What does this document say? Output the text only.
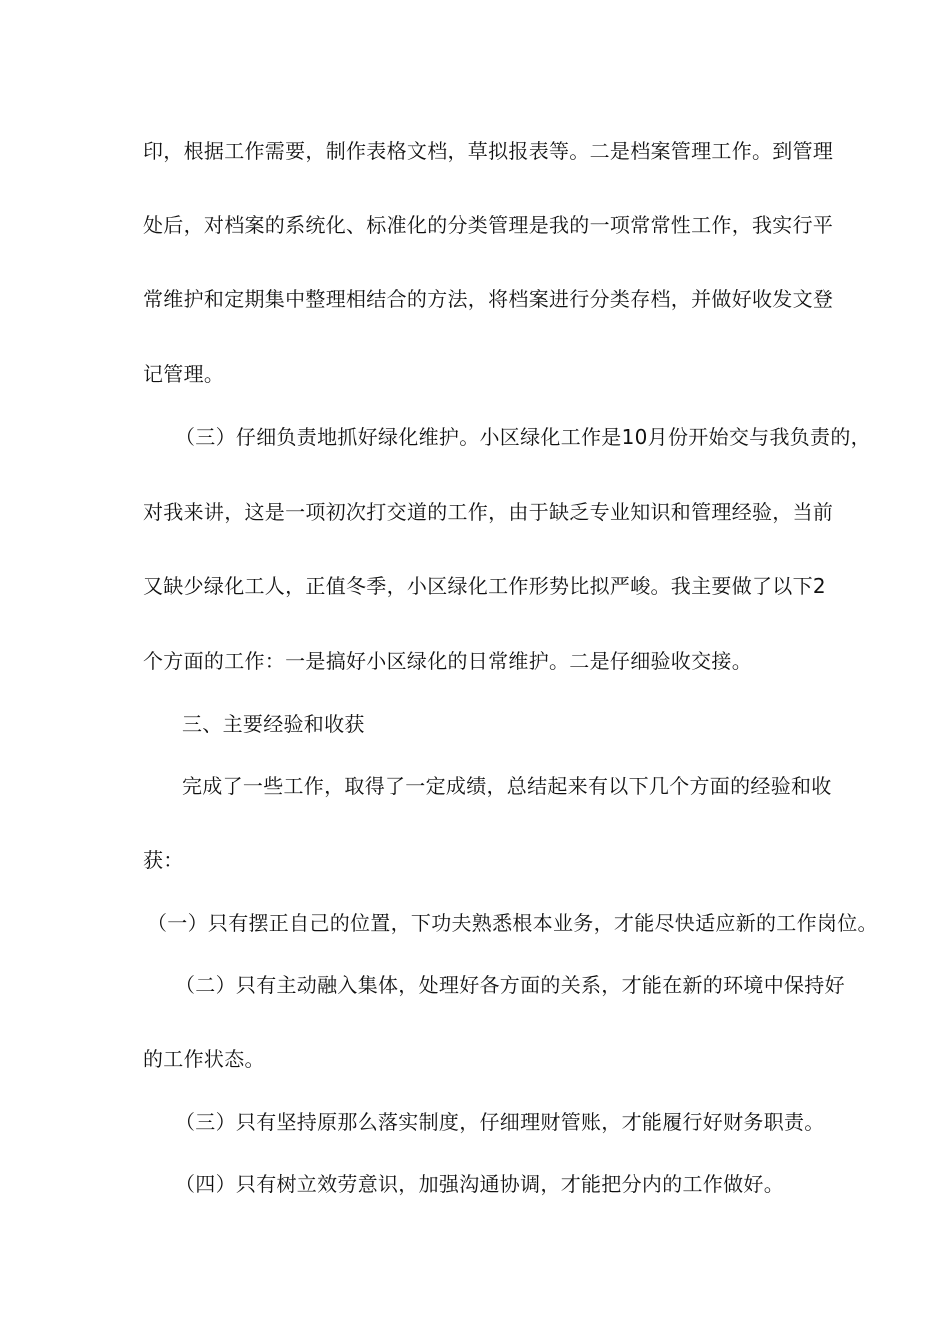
印，根据工作需要，制作表格文档，草拟报表等。二是档案管理工作。到管理
处后，对档案的系统化、标准化的分类管理是我的一项常常性工作，我实行平
常维护和定期集中整理相结合的方法，将档案进行分类存档，并做好收发文登
记管理。
（三）仔细负责地抓好绿化维护。小区绿化工作是10月份开始交与我负责的，
对我来讲，这是一项初次打交道的工作，由于缺乏专业知识和管理经验，当前
又缺少绿化工人，正值冬季，小区绿化工作形势比拟严峻。我主要做了以下2
个方面的工作：一是搞好小区绿化的日常维护。二是仔细验收交接。
三、主要经验和收获
完成了一些工作，取得了一定成绩，总结起来有以下几个方面的经验和收
获：
（一）只有摆正自己的位置，下功夫熟悉根本业务，才能尽快适应新的工作岗位。
（二）只有主动融入集体，处理好各方面的关系，才能在新的环境中保持好
的工作状态。
（三）只有坚持原那么落实制度，仔细理财管账，才能履行好财务职责。
（四）只有树立效劳意识，加强沟通协调，才能把分内的工作做好。
